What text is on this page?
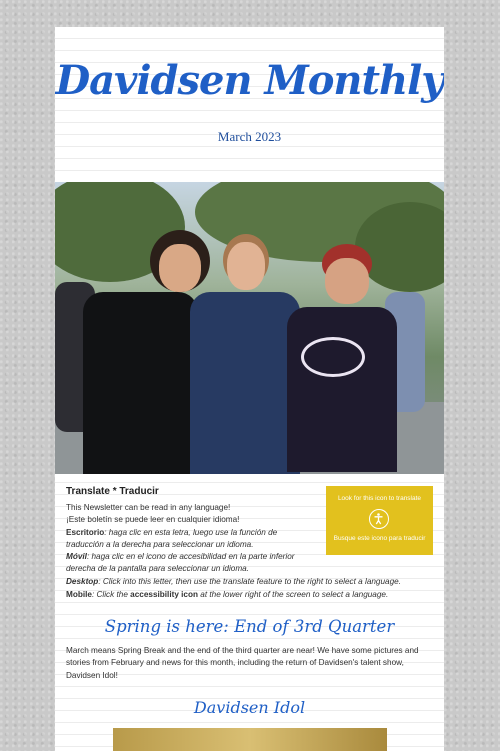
Davidsen Monthly
March 2023
Translate * Traducir
This Newsletter can be read in any language!
¡Este boletín se puede leer en cualquier idioma!
Escritorio: haga clic en esta letra, luego use la función de
traducción a la derecha para seleccionar un idioma.
Móvil: haga clic en el icono de accesibilidad en la parte inferior
derecha de la pantalla para seleccionar un idioma.
Desktop: Click into this letter, then use the translate feature to the right to select a language.
Mobile: Click the accessibility icon at the lower right of the screen to select a language.
Look for this icon to translate
Busque este icono para traducir
Spring is here: End of 3rd Quarter
March means Spring Break and the end of the third quarter are near! We have some pictures and stories from February and news for this month, including the return of Davidsen's talent show, Davidsen Idol!
Davidsen Idol
